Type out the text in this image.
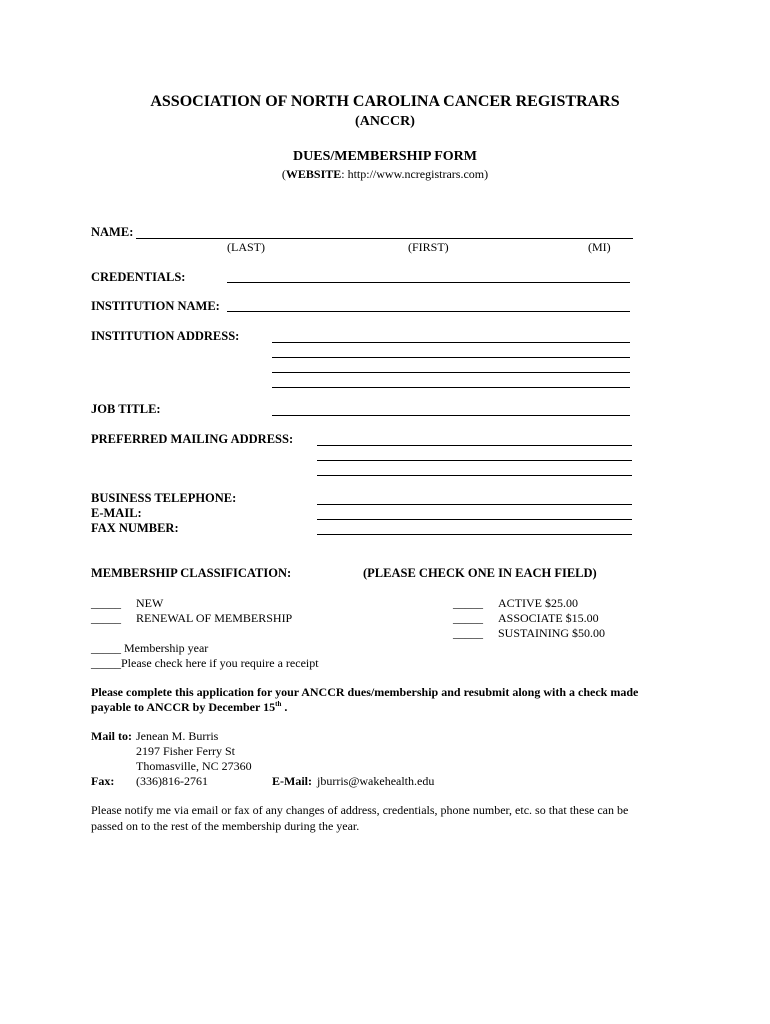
ASSOCIATION OF NORTH CAROLINA CANCER REGISTRARS
(ANCCR)
DUES/MEMBERSHIP FORM
(WEBSITE: http://www.ncregistrars.com)
NAME:
(LAST)	(FIRST)	(MI)
CREDENTIALS:
INSTITUTION NAME:
INSTITUTION ADDRESS:
JOB TITLE:
PREFERRED MAILING ADDRESS:
BUSINESS TELEPHONE:
E-MAIL:
FAX NUMBER:
MEMBERSHIP CLASSIFICATION:	(PLEASE CHECK ONE IN EACH FIELD)
_____ NEW
_____ RENEWAL OF MEMBERSHIP
_____ ACTIVE $25.00
_____ ASSOCIATE $15.00
_____ SUSTAINING $50.00
_____ Membership year
_____Please check here if you require a receipt
Please complete this application for your ANCCR dues/membership and resubmit along with a check made
payable to ANCCR by December 15th .
Mail to: Jenean M. Burris
2197 Fisher Ferry St
Thomasville, NC 27360
Fax: (336)816-2761	E-Mail: jburris@wakehealth.edu
Please notify me via email or fax of any changes of address, credentials, phone number, etc. so that these can be
passed on to the rest of the membership during the year.
